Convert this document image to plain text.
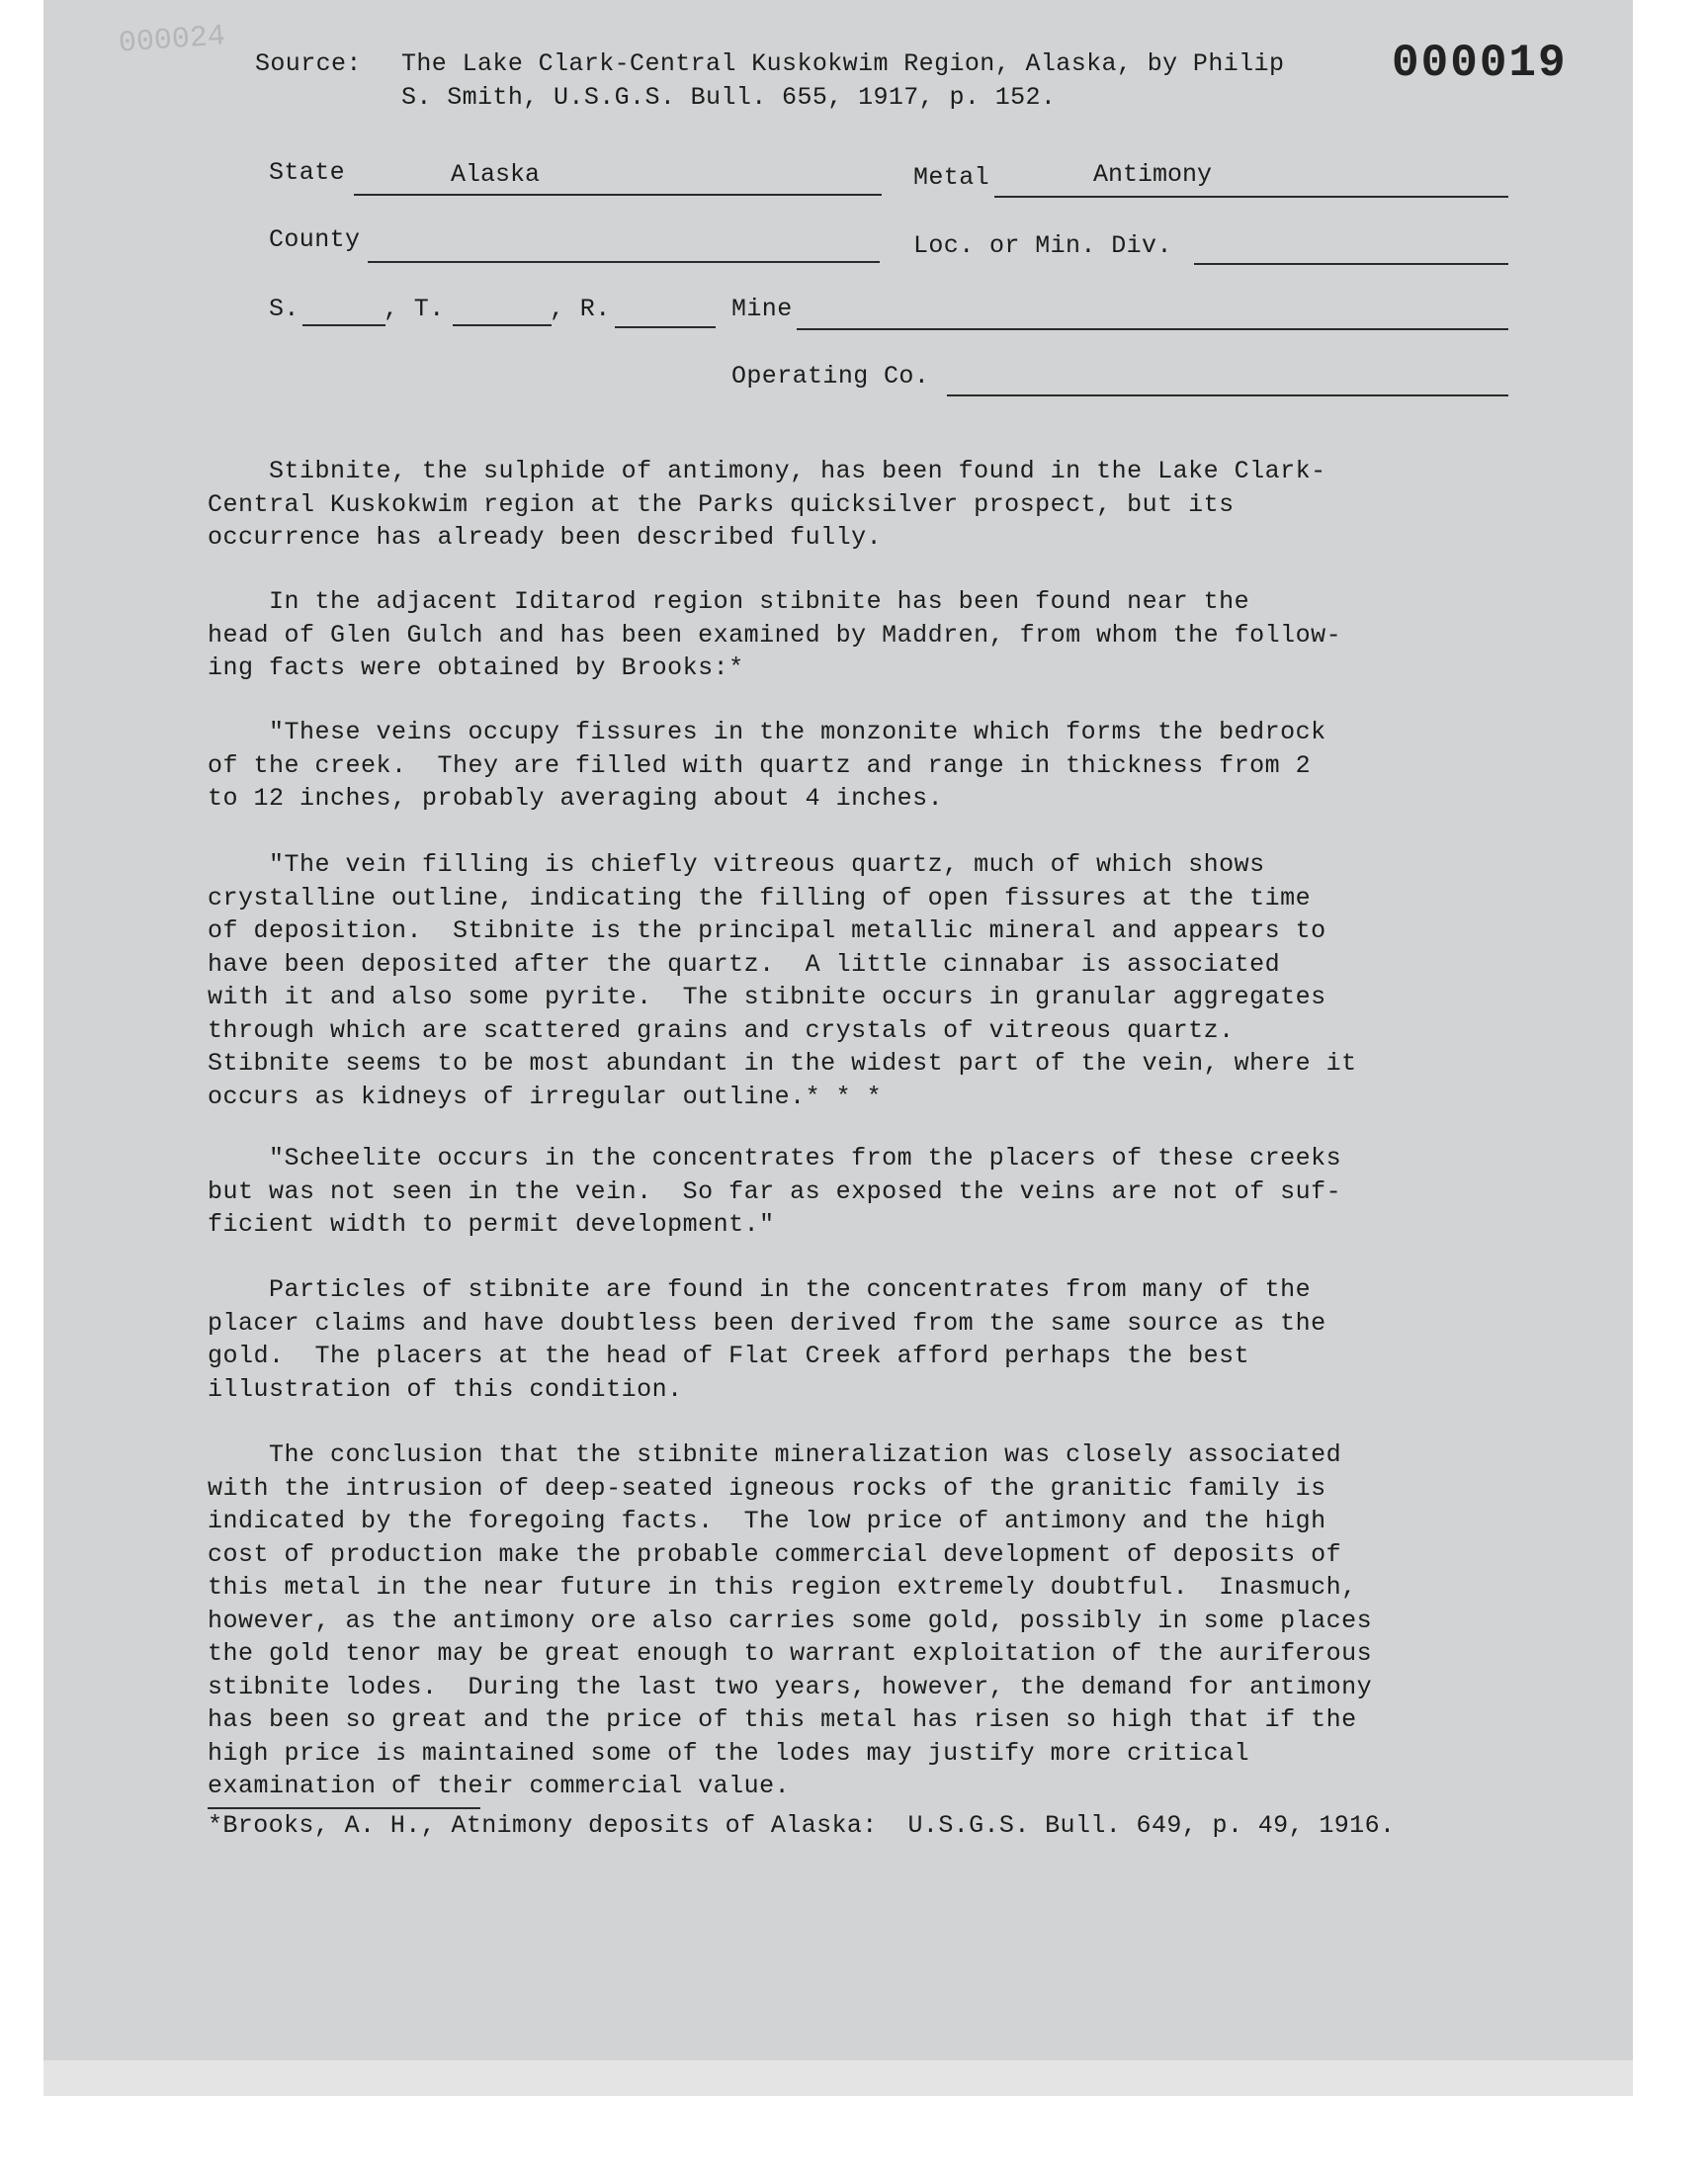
000024	000019
Source: The Lake Clark-Central Kuskokwim Region, Alaska, by Philip
S. Smith, U.S.G.S. Bull. 655, 1917, p. 152.
State	Alaska	Metal	Antimony
County	Loc. or Min. Div.
S.	, T.	, R.	Mine
Operating Co.
Stibnite, the sulphide of antimony, has been found in the Lake Clark-
Central Kuskokwim region at the Parks quicksilver prospect, but its
occurrence has already been described fully.
In the adjacent Iditarod region stibnite has been found near the
head of Glen Gulch and has been examined by Maddren, from whom the follow-
ing facts were obtained by Brooks:*
"These veins occupy fissures in the monzonite which forms the bedrock
of the creek.  They are filled with quartz and range in thickness from 2
to 12 inches, probably averaging about 4 inches.
"The vein filling is chiefly vitreous quartz, much of which shows
crystalline outline, indicating the filling of open fissures at the time
of deposition.  Stibnite is the principal metallic mineral and appears to
have been deposited after the quartz.  A little cinnabar is associated
with it and also some pyrite.  The stibnite occurs in granular aggregates
through which are scattered grains and crystals of vitreous quartz.
Stibnite seems to be most abundant in the widest part of the vein, where it
occurs as kidneys of irregular outline.* * *
"Scheelite occurs in the concentrates from the placers of these creeks
but was not seen in the vein.  So far as exposed the veins are not of suf-
ficient width to permit development."
Particles of stibnite are found in the concentrates from many of the
placer claims and have doubtless been derived from the same source as the
gold.  The placers at the head of Flat Creek afford perhaps the best
illustration of this condition.
The conclusion that the stibnite mineralization was closely associated
with the intrusion of deep-seated igneous rocks of the granitic family is
indicated by the foregoing facts.  The low price of antimony and the high
cost of production make the probable commercial development of deposits of
this metal in the near future in this region extremely doubtful.  Inasmuch,
however, as the antimony ore also carries some gold, possibly in some places
the gold tenor may be great enough to warrant exploitation of the auriferous
stibnite lodes.  During the last two years, however, the demand for antimony
has been so great and the price of this metal has risen so high that if the
high price is maintained some of the lodes may justify more critical
examination of their commercial value.
*Brooks, A. H., Atnimony deposits of Alaska:  U.S.G.S. Bull. 649, p. 49, 1916.
